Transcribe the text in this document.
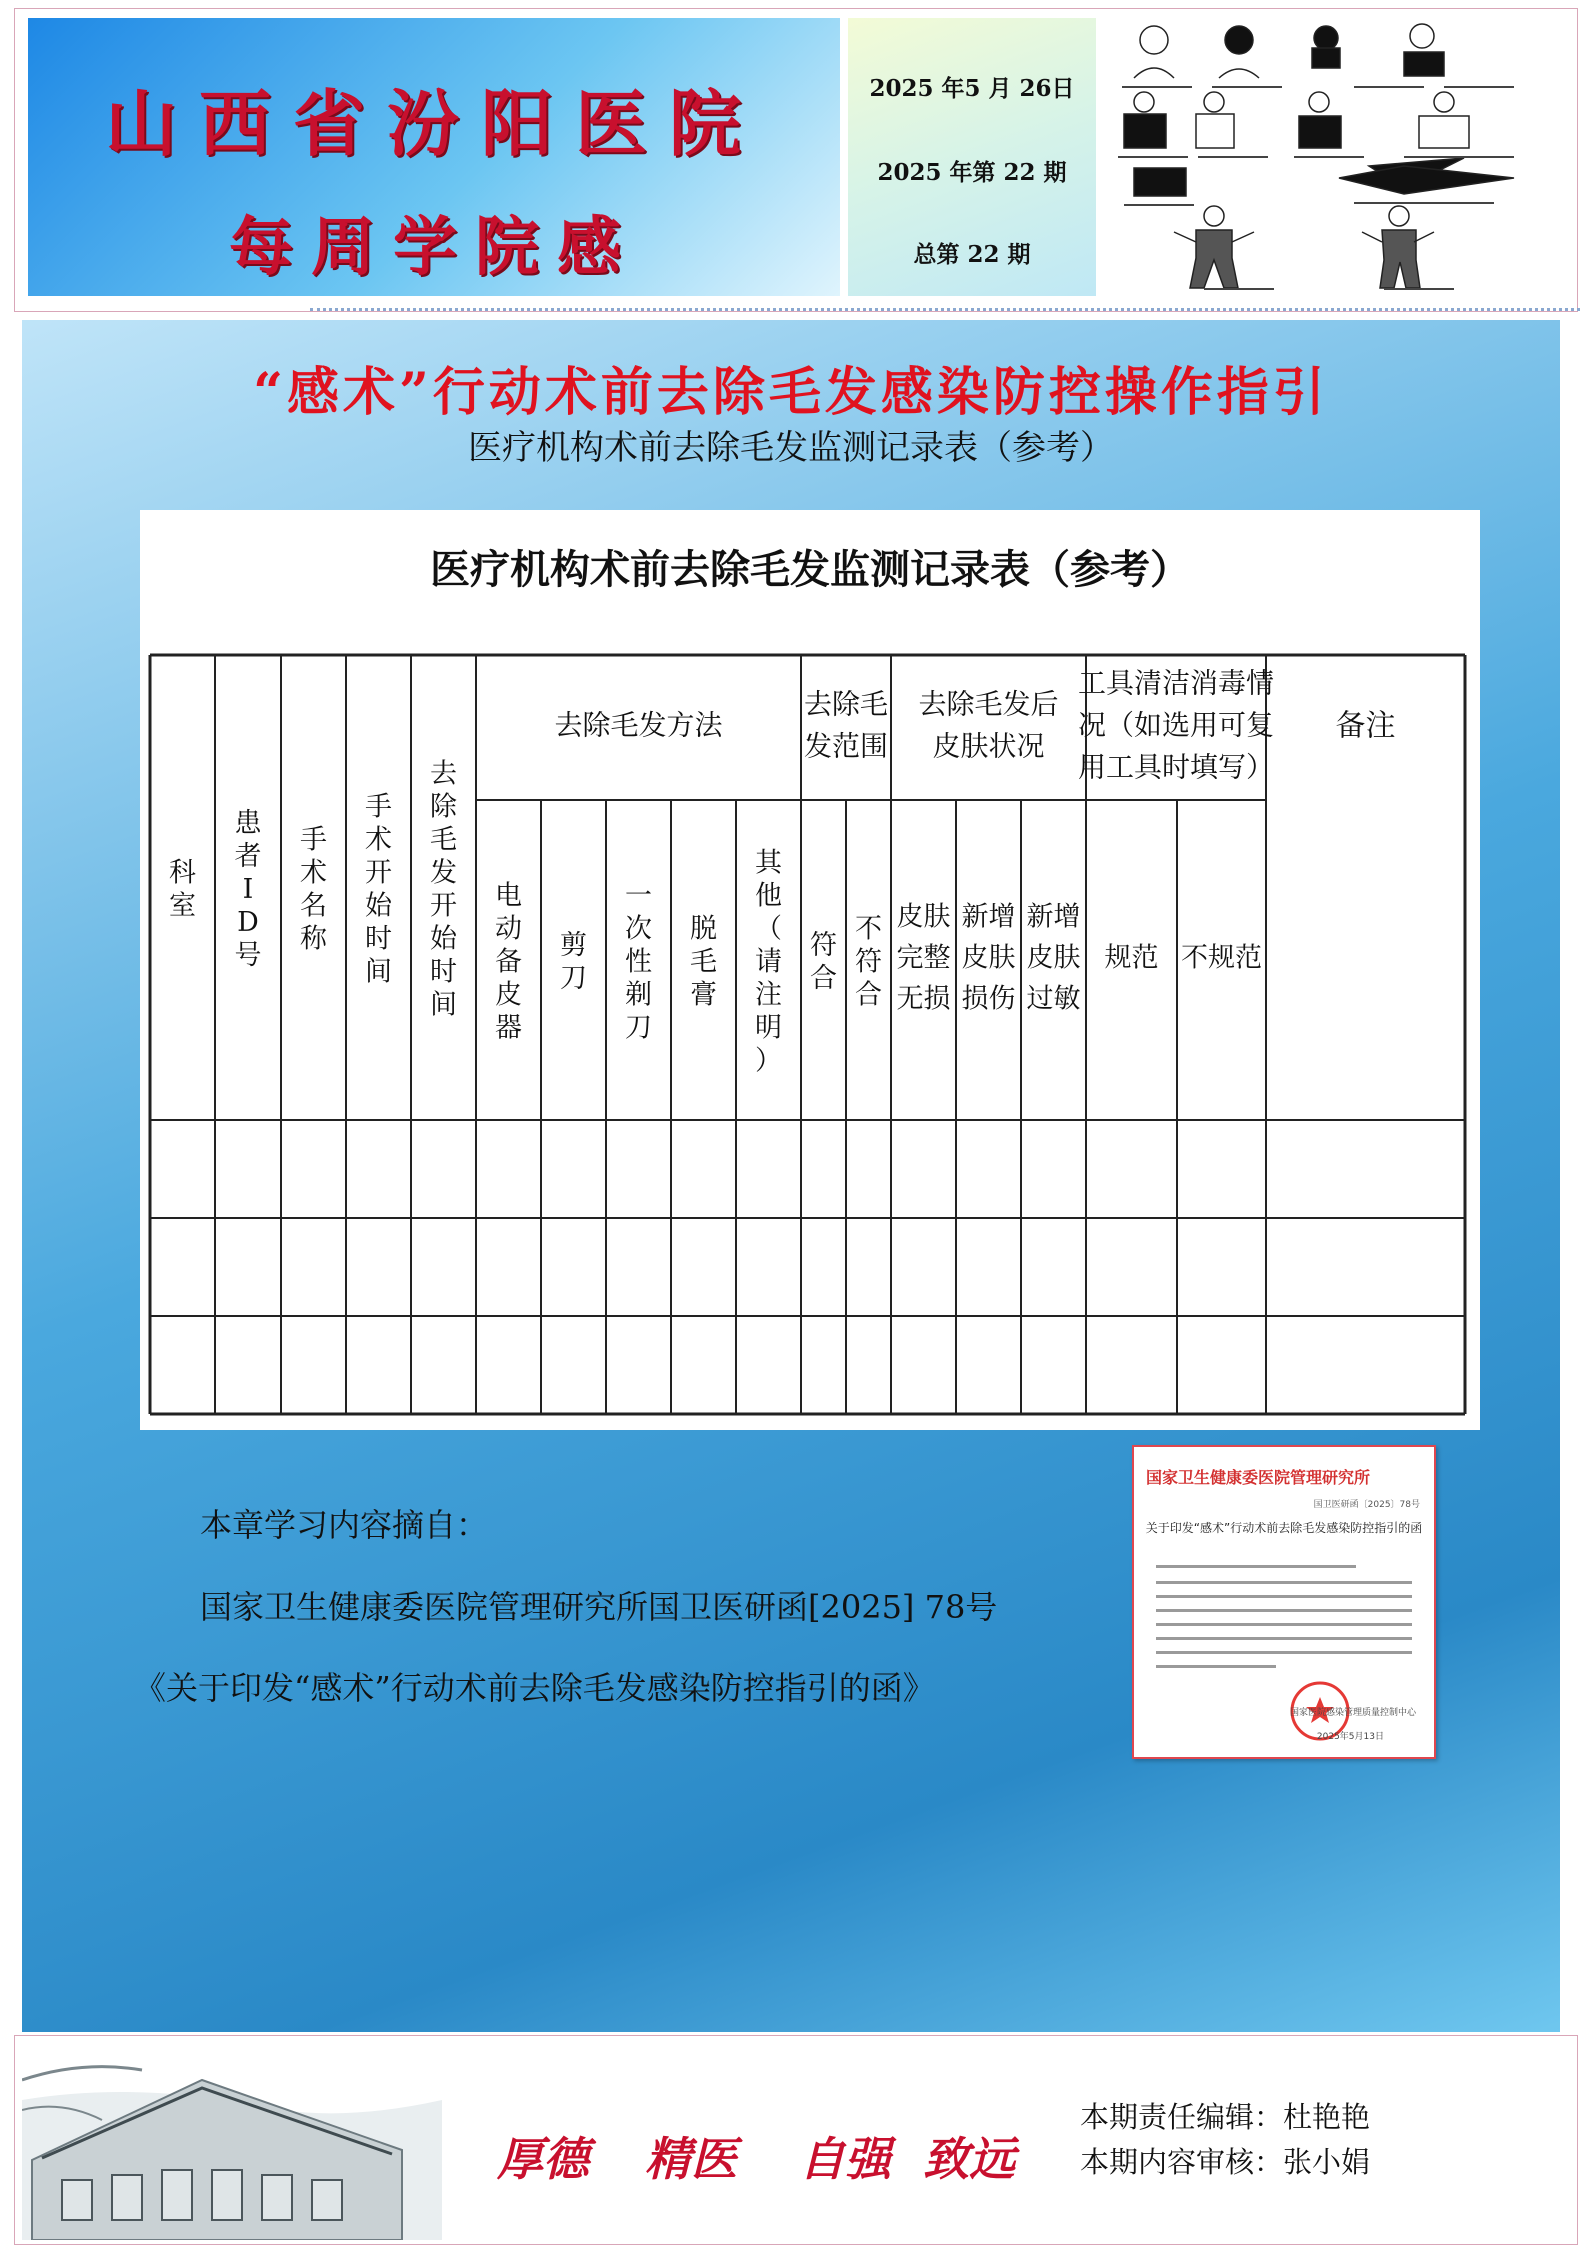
山西省汾阳医院
每周学院感
2025 年5 月 26日
2025 年第 22 期
总第 22 期
“感术”行动术前去除毛发感染防控操作指引
医疗机构术前去除毛发监测记录表（参考）
医疗机构术前去除毛发监测记录表（参考）
科室
患者 I D 号
手术名称
手术开始时间
去除毛发开始时间
去除毛发方法
去除毛发范围
去除毛发后皮肤状况
工具清洁消毒情况（如选用可复用工具时填写）
备注
电动备皮器
剪刀
一次性剃刀
脱毛膏
其他（请注明）
符合
不符合
皮肤完整无损
新增皮肤损伤
新增皮肤过敏
规范 不规范
本章学习内容摘自：
国家卫生健康委医院管理研究所国卫医研函[2025] 78号
《关于印发“感术”行动术前去除毛发感染防控指引的函》
国家卫生健康委医院管理研究所
国卫医研函〔2025〕78号
关于印发“感术”行动术前去除毛发感染防控指引的函
国家医院感染管理质量控制中心
2025年5月13日
厚德 精医 自强 致远
本期责任编辑：杜艳艳
本期内容审核：张小娟
